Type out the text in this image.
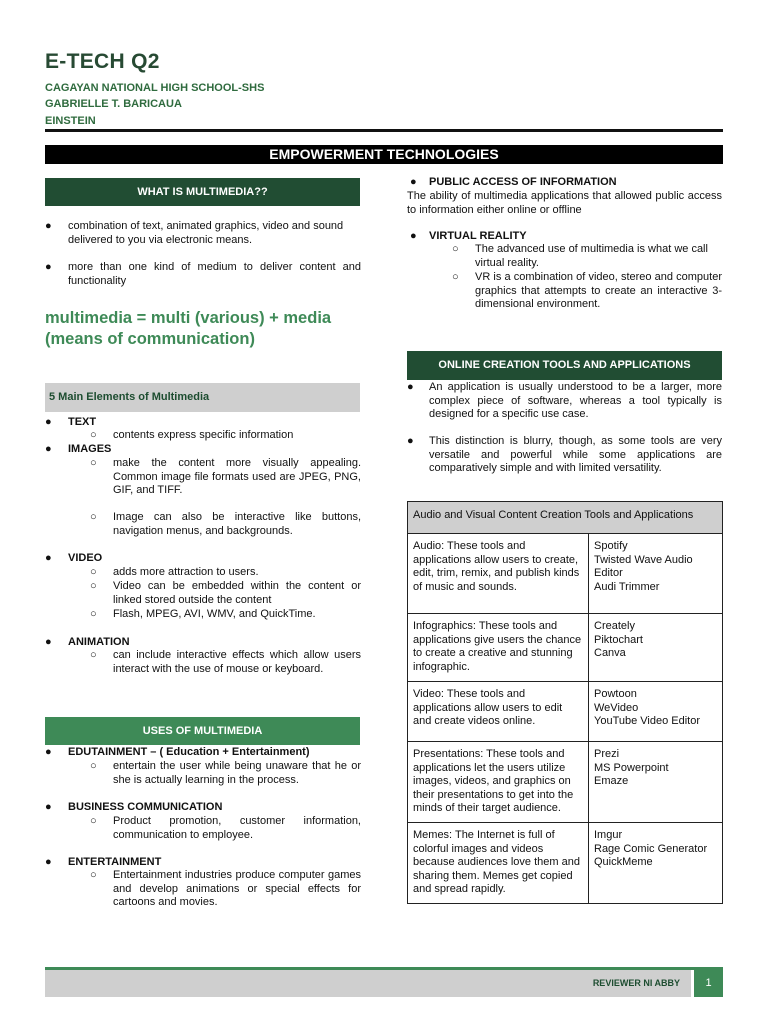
E-TECH Q2
CAGAYAN NATIONAL HIGH SCHOOL-SHS
GABRIELLE T. BARICAUA
EINSTEIN
EMPOWERMENT TECHNOLOGIES
WHAT IS MULTIMEDIA??
● combination of text, animated graphics, video and sound delivered to you via electronic means.
● more than one kind of medium to deliver content and functionality
multimedia = multi (various) + media
(means of communication)
5 Main Elements of Multimedia
● TEXT
○ contents express specific information
● IMAGES
○ make the content more visually appealing. Common image file formats used are JPEG, PNG, GIF, and TIFF.
○ Image can also be interactive like buttons, navigation menus, and backgrounds.
● VIDEO
○ adds more attraction to users.
○ Video can be embedded within the content or linked stored outside the content
○ Flash, MPEG, AVI, WMV, and QuickTime.
● ANIMATION
○ can include interactive effects which allow users interact with the use of mouse or keyboard.
USES OF MULTIMEDIA
● EDUTAINMENT – ( Education + Entertainment)
○ entertain the user while being unaware that he or she is actually learning in the process.
● BUSINESS COMMUNICATION
○ Product promotion, customer information, communication to employee.
● ENTERTAINMENT
○ Entertainment industries produce computer games and develop animations or special effects for cartoons and movies.
● PUBLIC ACCESS OF INFORMATION
The ability of multimedia applications that allowed public access to information either online or offline
● VIRTUAL REALITY
○ The advanced use of multimedia is what we call virtual reality.
○ VR is a combination of video, stereo and computer graphics that attempts to create an interactive 3- dimensional environment.
ONLINE CREATION TOOLS AND APPLICATIONS
● An application is usually understood to be a larger, more complex piece of software, whereas a tool typically is designed for a specific use case.
● This distinction is blurry, though, as some tools are very versatile and powerful while some applications are comparatively simple and with limited versatility.
Audio and Visual Content Creation Tools and Applications	
Audio: These tools and applications allow users to create, edit, trim, remix, and publish kinds of music and sounds.	Spotify
Twisted Wave Audio Editor
Audi Trimmer
Infographics: These tools and applications give users the chance to create a creative and stunning infographic.	Creately
Piktochart
Canva
Video: These tools and applications allow users to edit and create videos online.	Powtoon
WeVideo
YouTube Video Editor
Presentations: These tools and applications let the users utilize images, videos, and graphics on their presentations to get into the minds of their target audience.	Prezi
MS Powerpoint
Emaze
Memes: The Internet is full of colorful images and videos because audiences love them and sharing them. Memes get copied and spread rapidly.	Imgur
Rage Comic Generator
QuickMeme
REVIEWER NI ABBY	1
